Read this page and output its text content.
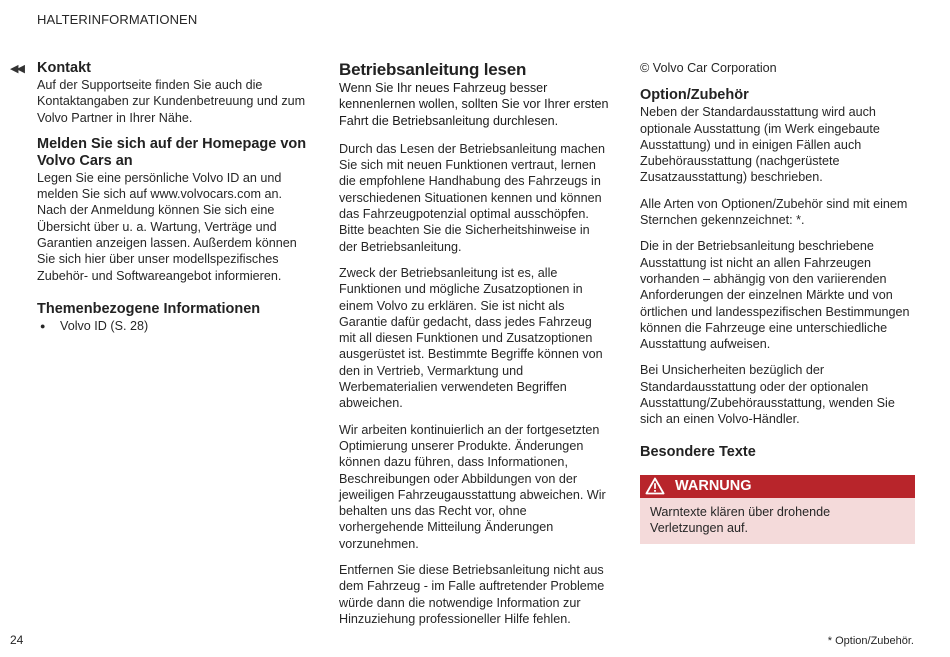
HALTERINFORMATIONEN
◀◀ Kontakt

Auf der Supportseite finden Sie auch die Kontaktangaben zur Kundenbetreuung und zum Volvo Partner in Ihrer Nähe.

Melden Sie sich auf der Homepage von Volvo Cars an

Legen Sie eine persönliche Volvo ID an und melden Sie sich auf www.volvocars.com an. Nach der Anmeldung können Sie sich eine Übersicht über u. a. Wartung, Verträge und Garantien anzeigen lassen. Außerdem können Sie sich hier über unser modellspezifisches Zubehör- und Softwareangebot informieren.

Themenbezogene Informationen
● Volvo ID (S. 28)
Betriebsanleitung lesen

Wenn Sie Ihr neues Fahrzeug besser kennenlernen wollen, sollten Sie vor Ihrer ersten Fahrt die Betriebsanleitung durchlesen.

Durch das Lesen der Betriebsanleitung machen Sie sich mit neuen Funktionen vertraut, lernen die empfohlene Handhabung des Fahrzeugs in verschiedenen Situationen kennen und können das Fahrzeugpotenzial optimal ausschöpfen. Bitte beachten Sie die Sicherheitshinweise in der Betriebsanleitung.

Zweck der Betriebsanleitung ist es, alle Funktionen und mögliche Zusatzoptionen in einem Volvo zu erklären. Sie ist nicht als Garantie dafür gedacht, dass jedes Fahrzeug mit all diesen Funktionen und Zusatzoptionen ausgerüstet ist. Bestimmte Begriffe können von den in Vertrieb, Vermarktung und Werbematerialien verwendeten Begriffen abweichen.

Wir arbeiten kontinuierlich an der fortgesetzten Optimierung unserer Produkte. Änderungen können dazu führen, dass Informationen, Beschreibungen oder Abbildungen von der jeweiligen Fahrzeugausstattung abweichen. Wir behalten uns das Recht vor, ohne vorhergehende Mitteilung Änderungen vorzunehmen.

Entfernen Sie diese Betriebsanleitung nicht aus dem Fahrzeug - im Falle auftretender Probleme würde dann die notwendige Information zur Hinzuziehung professioneller Hilfe fehlen.

© Volvo Car Corporation

Option/Zubehör

Neben der Standardausstattung wird auch optionale Ausstattung (im Werk eingebaute Ausstattung) und in einigen Fällen auch Zubehörausstattung (nachgerüstete Zusatzausstattung) beschrieben.

Alle Arten von Optionen/Zubehör sind mit einem Sternchen gekennzeichnet: *.

Die in der Betriebsanleitung beschriebene Ausstattung ist nicht an allen Fahrzeugen vorhanden – abhängig von den variierenden Anforderungen der einzelnen Märkte und von örtlichen und landesspezifischen Bestimmungen können die Fahrzeuge eine unterschiedliche Ausstattung aufweisen.

Bei Unsicherheiten bezüglich der Standardausstattung oder der optionalen Ausstattung/Zubehörausstattung, wenden Sie sich an einen Volvo-Händler.

Besondere Texte
WARNUNG
Warntexte klären über drohende Verletzungen auf.
24	* Option/Zubehör.
